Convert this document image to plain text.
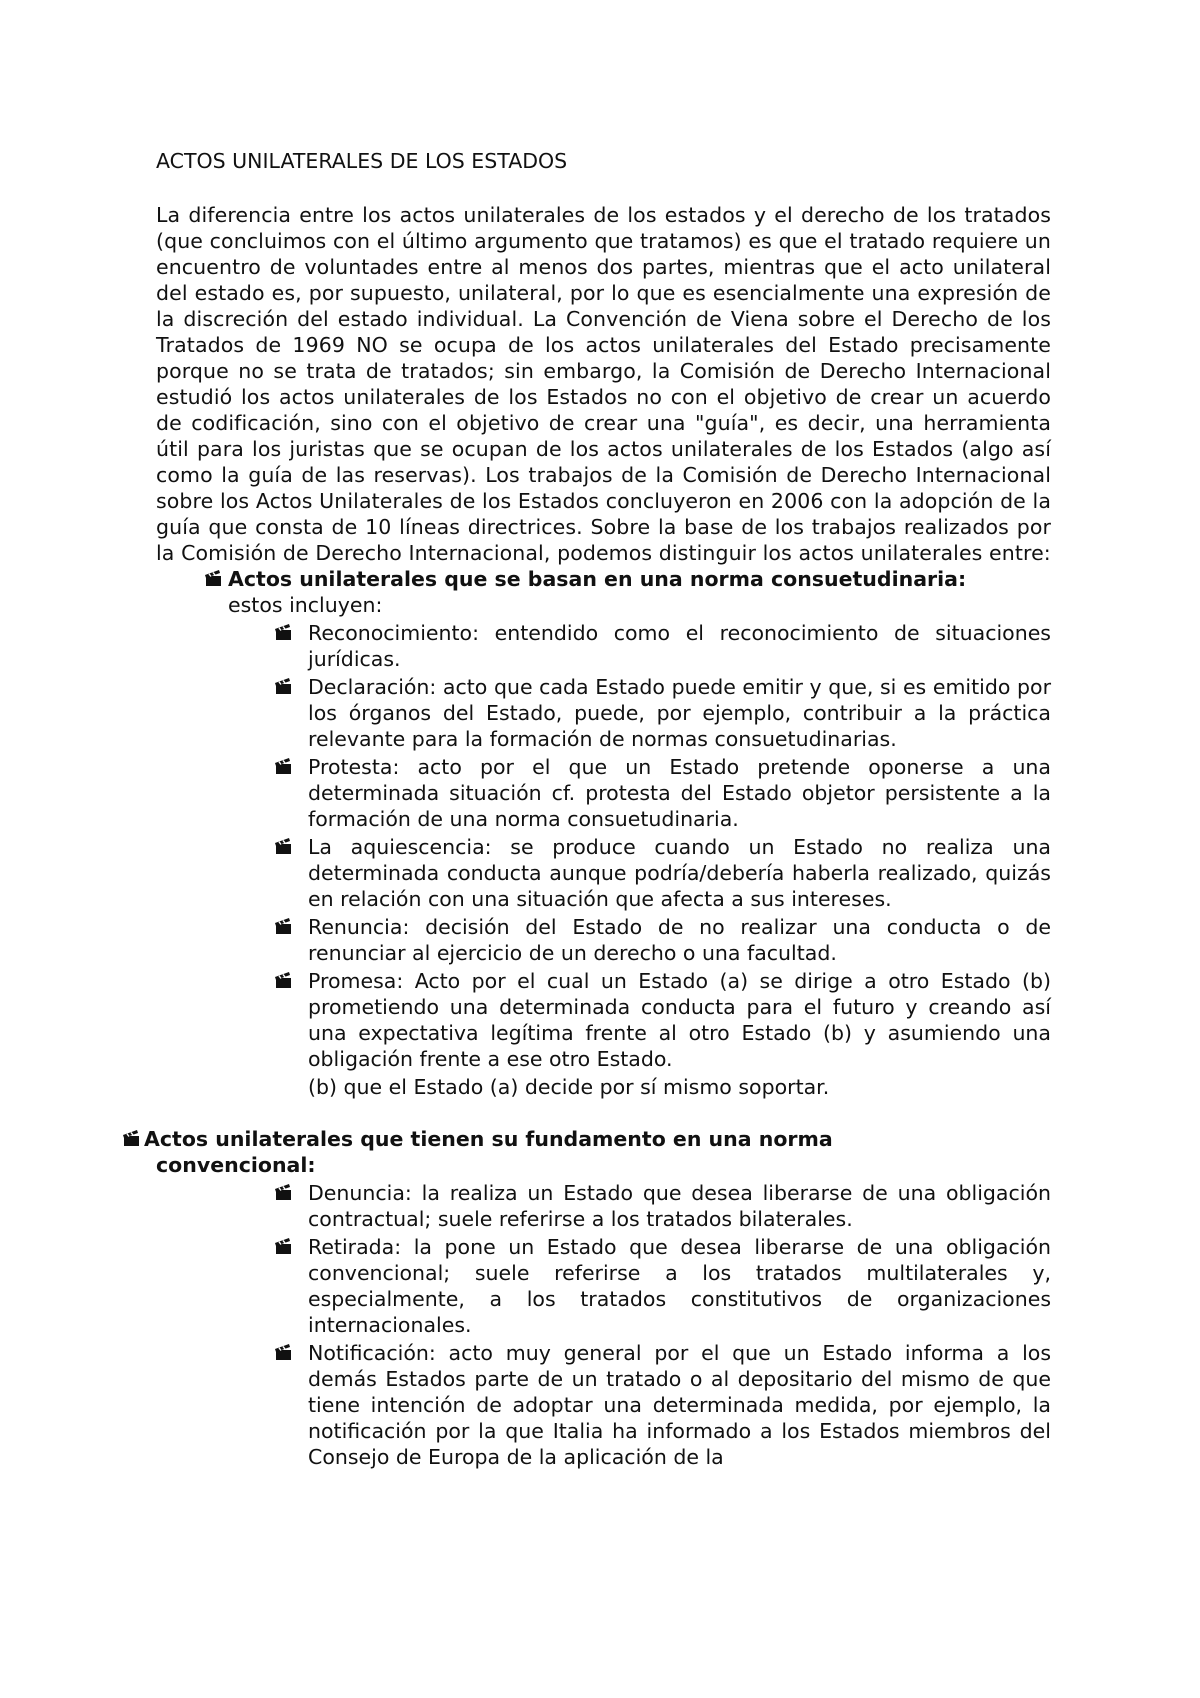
ACTOS UNILATERALES DE LOS ESTADOS

La diferencia entre los actos unilaterales de los estados y el derecho de los tratados (que concluimos con el último argumento que tratamos) es que el tratado requiere un encuentro de voluntades entre al menos dos partes, mientras que el acto unilateral del estado es, por supuesto, unilateral, por lo que es esencialmente una expresión de la discreción del estado individual. La Convención de Viena sobre el Derecho de los Tratados de 1969 NO se ocupa de los actos unilaterales del Estado precisamente porque no se trata de tratados; sin embargo, la Comisión de Derecho Internacional estudió los actos unilaterales de los Estados no con el objetivo de crear un acuerdo de codificación, sino con el objetivo de crear una "guía", es decir, una herramienta útil para los juristas que se ocupan de los actos unilaterales de los Estados (algo así como la guía de las reservas). Los trabajos de la Comisión de Derecho Internacional sobre los Actos Unilaterales de los Estados concluyeron en 2006 con la adopción de la guía que consta de 10 líneas directrices. Sobre la base de los trabajos realizados por la Comisión de Derecho Internacional, podemos distinguir los actos unilaterales entre:

Actos unilaterales que se basan en una norma consuetudinaria:
estos incluyen:
Reconocimiento: entendido como el reconocimiento de situaciones jurídicas.
Declaración: acto que cada Estado puede emitir y que, si es emitido por los órganos del Estado, puede, por ejemplo, contribuir a la práctica relevante para la formación de normas consuetudinarias.
Protesta: acto por el que un Estado pretende oponerse a una determinada situación cf. protesta del Estado objetor persistente a la formación de una norma consuetudinaria.
La aquiescencia: se produce cuando un Estado no realiza una determinada conducta aunque podría/debería haberla realizado, quizás en relación con una situación que afecta a sus intereses.
Renuncia: decisión del Estado de no realizar una conducta o de renunciar al ejercicio de un derecho o una facultad.
Promesa: Acto por el cual un Estado (a) se dirige a otro Estado (b) prometiendo una determinada conducta para el futuro y creando así una expectativa legítima frente al otro Estado (b) y asumiendo una obligación frente a ese otro Estado.
(b) que el Estado (a) decide por sí mismo soportar.
Actos unilaterales que tienen su fundamento en una norma
convencional:
Denuncia: la realiza un Estado que desea liberarse de una obligación contractual; suele referirse a los tratados bilaterales.
Retirada: la pone un Estado que desea liberarse de una obligación convencional; suele referirse a los tratados multilaterales y, especialmente, a los tratados constitutivos de organizaciones internacionales.
Notificación: acto muy general por el que un Estado informa a los demás Estados parte de un tratado o al depositario del mismo de que tiene intención de adoptar una determinada medida, por ejemplo, la notificación por la que Italia ha informado a los Estados miembros del Consejo de Europa de la aplicación de la
